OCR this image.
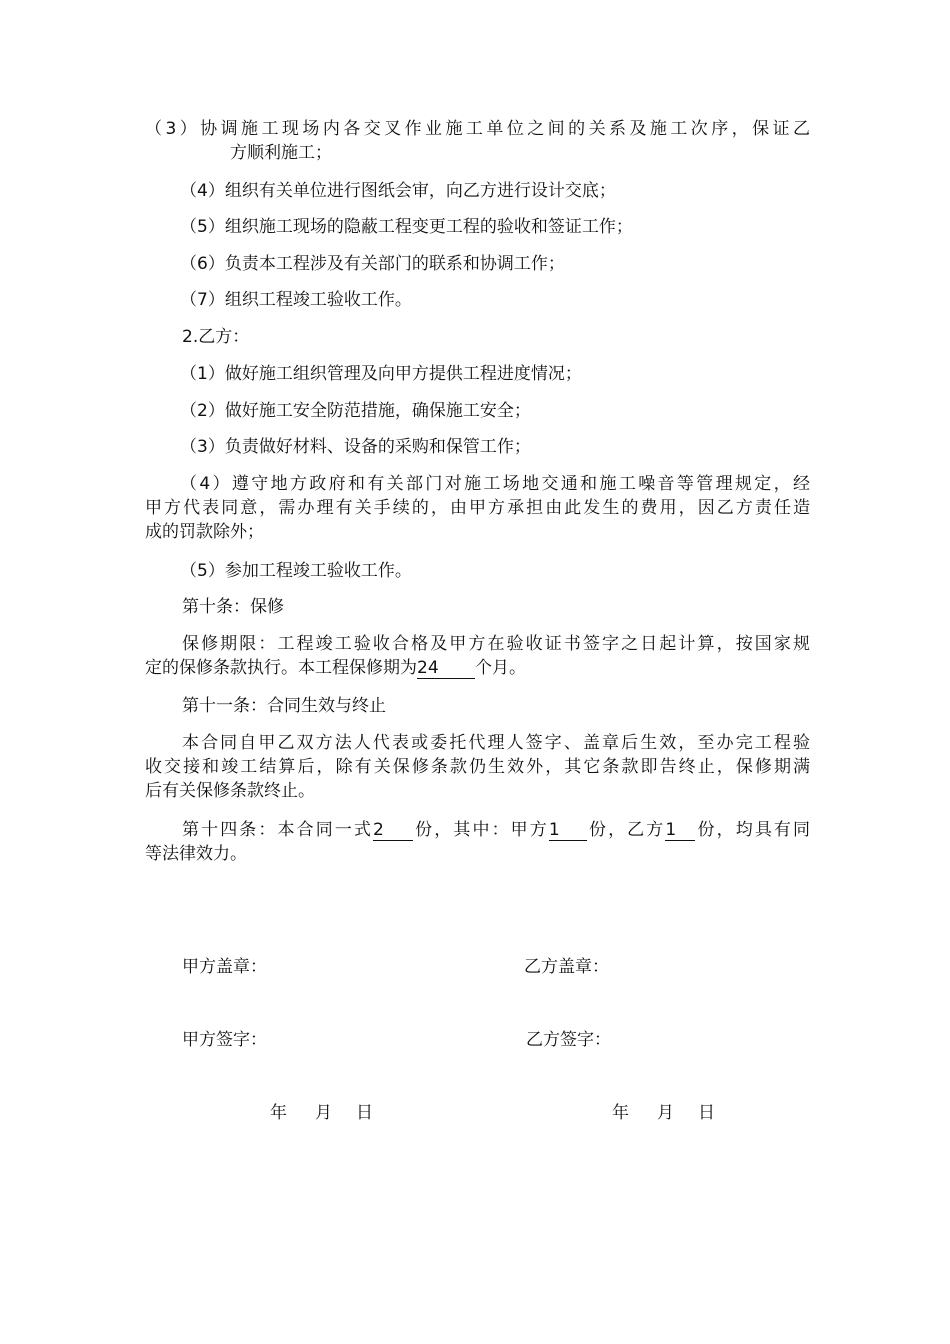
（3）协调施工现场内各交叉作业施工单位之间的关系及施工次序，保证乙
方顺利施工；
（4）组织有关单位进行图纸会审，向乙方进行设计交底；
（5）组织施工现场的隐蔽工程变更工程的验收和签证工作；
（6）负责本工程涉及有关部门的联系和协调工作；
（7）组织工程竣工验收工作。
2.乙方：
（1）做好施工组织管理及向甲方提供工程进度情况；
（2）做好施工安全防范措施，确保施工安全；
（3）负责做好材料、设备的采购和保管工作；
（4）遵守地方政府和有关部门对施工场地交通和施工噪音等管理规定，经
甲方代表同意，需办理有关手续的，由甲方承担由此发生的费用，因乙方责任造
成的罚款除外；
（5）参加工程竣工验收工作。
第十条：保修
保修期限：工程竣工验收合格及甲方在验收证书签字之日起计算，按国家规
定的保修条款执行。本工程保修期为24 个月。
第十一条：合同生效与终止
本合同自甲乙双方法人代表或委托代理人签字、盖章后生效，至办完工程验
收交接和竣工结算后，除有关保修条款仍生效外，其它条款即告终止，保修期满
后有关保修条款终止。
第十四条：本合同一式2 份，其中：甲方1 份，乙方1 份，均具有同
等法律效力。
甲方盖章：	乙方盖章：
甲方签字：	乙方签字：
年 月 日	年 月 日
